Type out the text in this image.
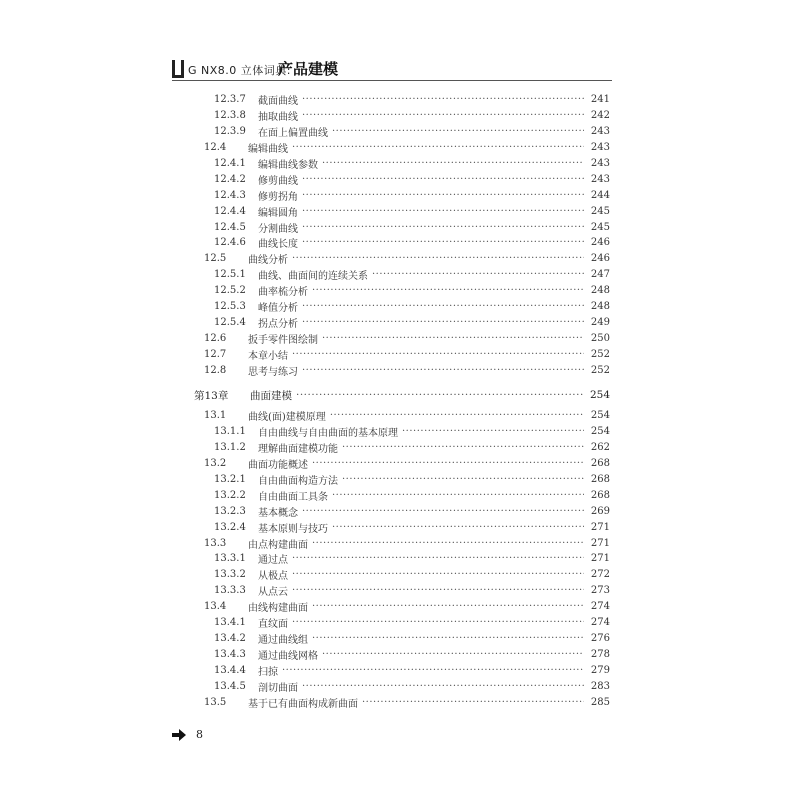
G NX8.0 立体词典:
产品建模
12.3.7 截面曲线 ·····	241
12.3.8 抽取曲线 ·····	242
12.3.9 在面上偏置曲线 ·····	243
12.4	编辑曲线 ·····	243
12.4.1 编辑曲线参数 ·····	243
12.4.2 修剪曲线 ·····	243
12.4.3 修剪拐角 ·····	244
12.4.4 编辑圆角 ·····	245
12.4.5 分割曲线 ·····	245
12.4.6 曲线长度 ·····	246
12.5	曲线分析 ·····	246
12.5.1 曲线、曲面间的连续关系 ·····	247
12.5.2 曲率梳分析 ·····	248
12.5.3 峰值分析 ·····	248
12.5.4 拐点分析 ·····	249
12.6	扳手零件图绘制 ·····	250
12.7	本章小结 ·····	252
12.8	思考与练习 ·····	252
第13章	曲面建模 ·····	254
13.1	曲线(面)建模原理 ·····	254
13.1.1 自由曲线与自由曲面的基本原理 ·····	254
13.1.2 理解曲面建模功能 ·····	262
13.2	曲面功能概述 ·····	268
13.2.1 自由曲面构造方法 ·····	268
13.2.2 自由曲面工具条 ·····	268
13.2.3 基本概念 ·····	269
13.2.4 基本原则与技巧 ·····	271
13.3	由点构建曲面 ·····	271
13.3.1 通过点 ·····	271
13.3.2 从极点 ·····	272
13.3.3 从点云 ·····	273
13.4	由线构建曲面 ·····	274
13.4.1 直纹面 ·····	274
13.4.2 通过曲线组 ·····	276
13.4.3 通过曲线网格 ·····	278
13.4.4 扫掠 ·····	279
13.4.5 剖切曲面 ·····	283
13.5	基于已有曲面构成新曲面 ·····	285
8
